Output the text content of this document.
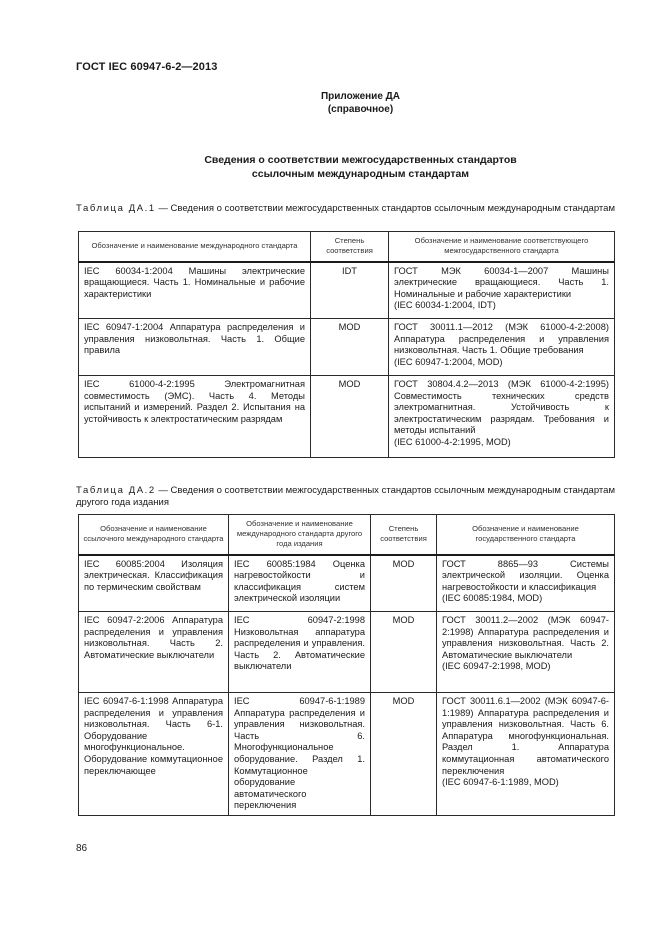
ГОСТ IEC 60947-6-2—2013
Приложение ДА
(справочное)
Сведения о соответствии межгосударственных стандартов
ссылочным международным стандартам
Таблица ДА.1 — Сведения о соответствии межгосударственных стандартов ссылочным международным стандартам
Обозначение и наименование международного стандарта	Степень соответствия	Обозначение и наименование соответствующего межгосударственного стандарта
IEC 60034-1:2004 Машины электрические вращающиеся. Часть 1. Номинальные и рабочие характеристики	IDT	ГОСТ МЭК 60034-1—2007 Машины электрические вращающиеся. Часть 1. Номинальные и рабочие характеристики
(IEC 60034-1:2004, IDT)

IEC 60947-1:2004 Аппаратура распределения и управления низковольтная. Часть 1. Общие правила	MOD	ГОСТ 30011.1—2012 (МЭК 61000-4-2:2008) Аппаратура распределения и управления низковольтная. Часть 1. Общие требования
(IEC 60947-1:2004, MOD)

IEC 61000-4-2:1995 Электромагнитная совместимость (ЭМС). Часть 4. Методы испытаний и измерений. Раздел 2. Испытания на устойчивость к электростатическим разрядам	MOD	ГОСТ 30804.4.2—2013 (МЭК 61000-4-2:1995) Совместимость технических средств электромагнитная. Устойчивость к электростатическим разрядам. Требования и методы испытаний
(IEC 61000-4-2:1995, MOD)
Таблица ДА.2 — Сведения о соответствии межгосударственных стандартов ссылочным международным стандартам другого года издания
Обозначение и наименование ссылочного международного стандарта	Обозначение и наименование международного стандарта другого года издания	Степень соответствия	Обозначение и наименование государственного стандарта
IEC 60085:2004 Изоляция электрическая. Классификация по термическим свойствам	IEC 60085:1984 Оценка нагревостойкости и классификация систем электрической изоляции	MOD	ГОСТ 8865—93 Системы электрической изоляции. Оценка нагревостойкости и классификация
(IEC 60085:1984, MOD)

IEC 60947-2:2006 Аппаратура распределения и управления низковольтная. Часть 2. Автоматические выключатели	IEC 60947-2:1998 Низковольтная аппаратура распределения и управления. Часть 2. Автоматические выключатели	MOD	ГОСТ 30011.2—2002 (МЭК 60947-2:1998) Аппаратура распределения и управления низковольтная. Часть 2. Автоматические выключатели
(IEC 60947-2:1998, MOD)

IEC 60947-6-1:1998 Аппаратура распределения и управления низковольтная. Часть 6-1. Оборудование многофункциональное. Оборудование коммутационное переключающее	IEC 60947-6-1:1989 Аппаратура распределения и управления низковольтная. Часть 6. Многофункциональное оборудование. Раздел 1. Коммутационное оборудование автоматического переключения	MOD	ГОСТ 30011.6.1—2002 (МЭК 60947-6-1:1989) Аппаратура распределения и управления низковольтная. Часть 6. Аппаратура многофункциональная. Раздел 1. Аппаратура коммутационная автоматического переключения
(IEC 60947-6-1:1989, MOD)
86
